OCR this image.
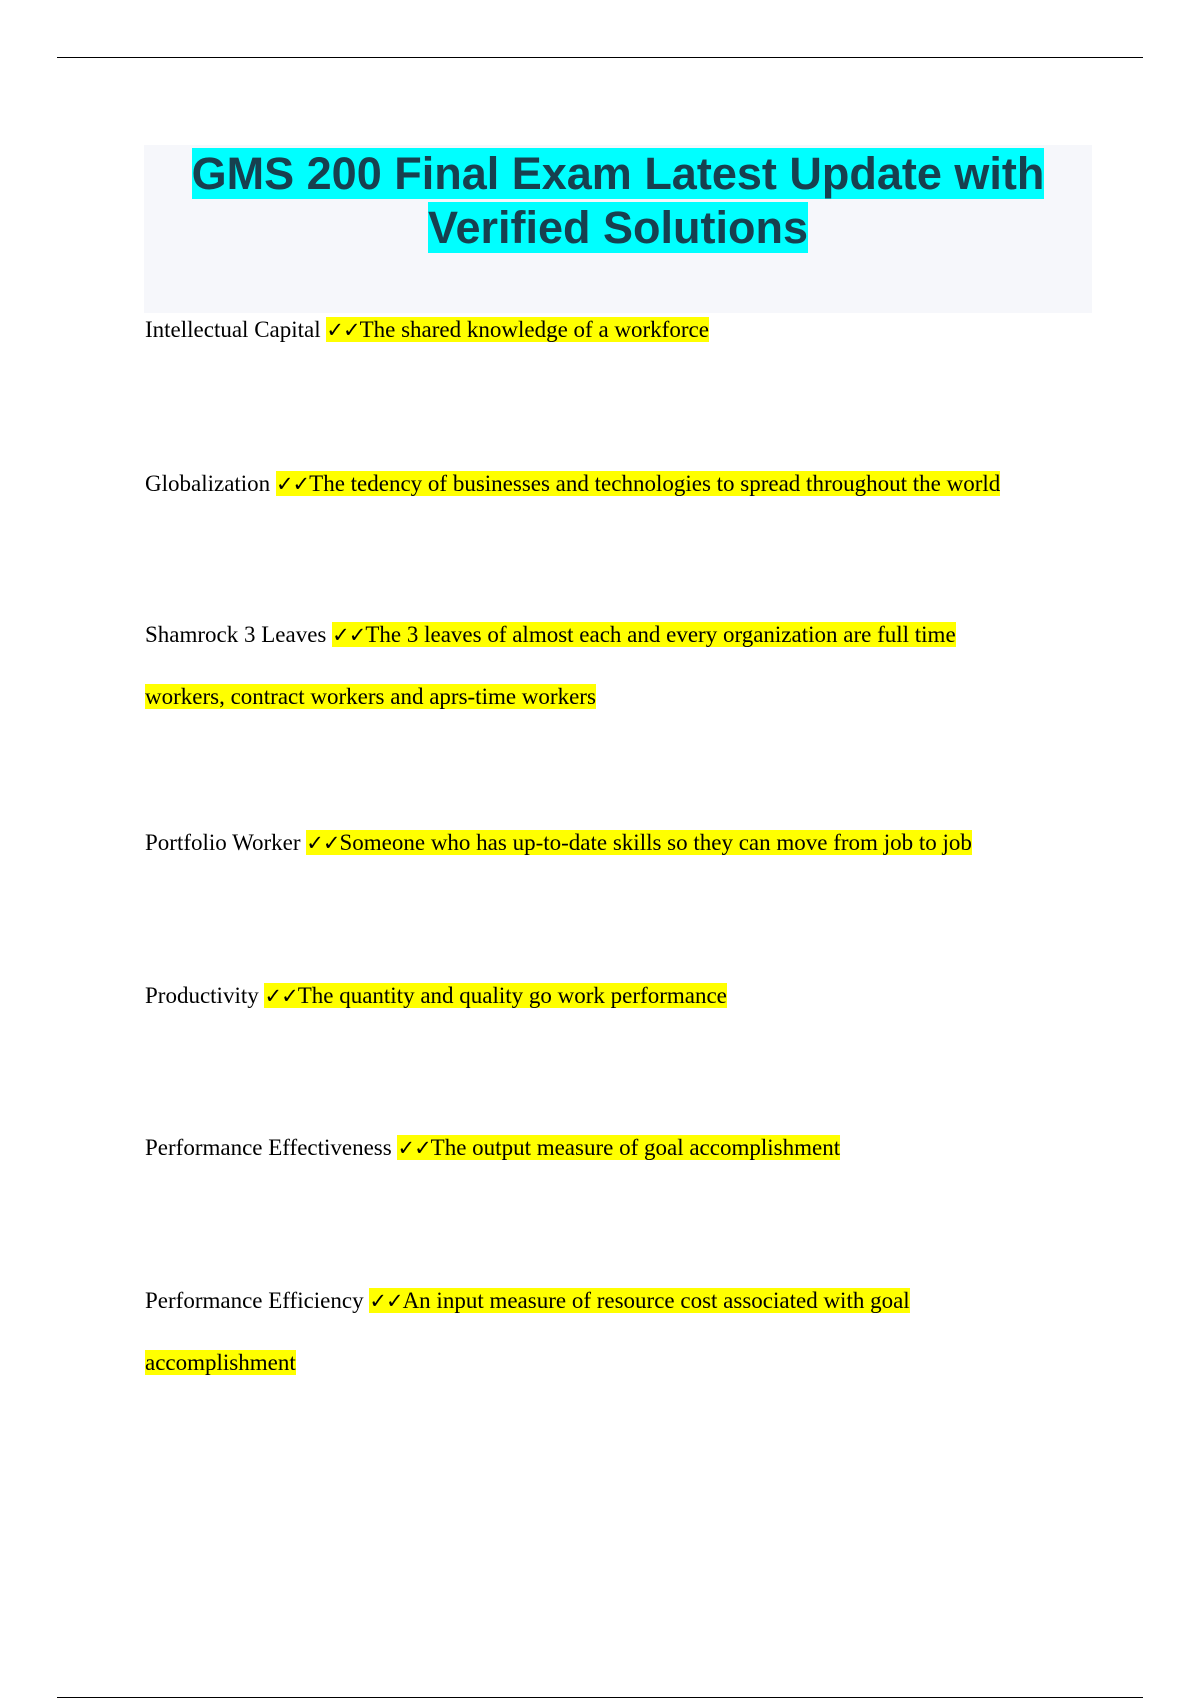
GMS 200 Final Exam Latest Update with
Verified Solutions
Intellectual Capital ✓✓The shared knowledge of a workforce
Globalization ✓✓The tedency of businesses and technologies to spread throughout the world
Shamrock 3 Leaves ✓✓The 3 leaves of almost each and every organization are full time workers, contract workers and aprs-time workers
Portfolio Worker ✓✓Someone who has up-to-date skills so they can move from job to job
Productivity ✓✓The quantity and quality go work performance
Performance Effectiveness ✓✓The output measure of goal accomplishment
Performance Efficiency ✓✓An input measure of resource cost associated with goal accomplishment
